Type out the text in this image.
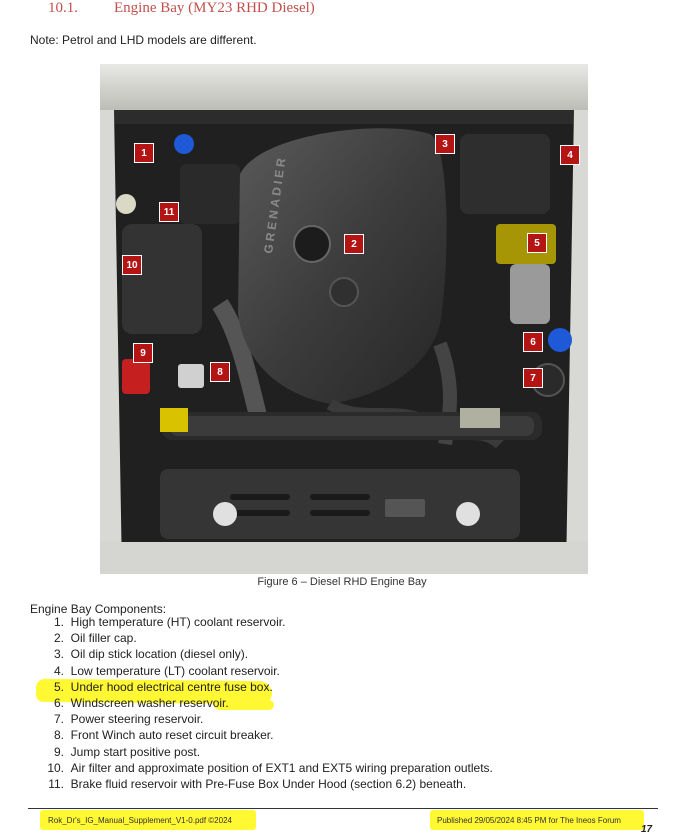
10.1. Engine Bay (MY23 RHD Diesel)
Note: Petrol and LHD models are different.
GRENADIER
1
2
3
4
5
6
7
8
9
10
11
Figure 6 – Diesel RHD Engine Bay
Engine Bay Components:
1. High temperature (HT) coolant reservoir.
2. Oil filler cap.
3. Oil dip stick location (diesel only).
4. Low temperature (LT) coolant reservoir.
5. Under hood electrical centre fuse box.
6. Windscreen washer reservoir.
7. Power steering reservoir.
8. Front Winch auto reset circuit breaker.
9. Jump start positive post.
10. Air filter and approximate position of EXT1 and EXT5 wiring preparation outlets.
11. Brake fluid reservoir with Pre-Fuse Box Under Hood (section 6.2) beneath.
Rok_Dr's_IG_Manual_Supplement_V1-0.pdf ©2024	Published 29/05/2024 8:45 PM for The Ineos Forum
17
